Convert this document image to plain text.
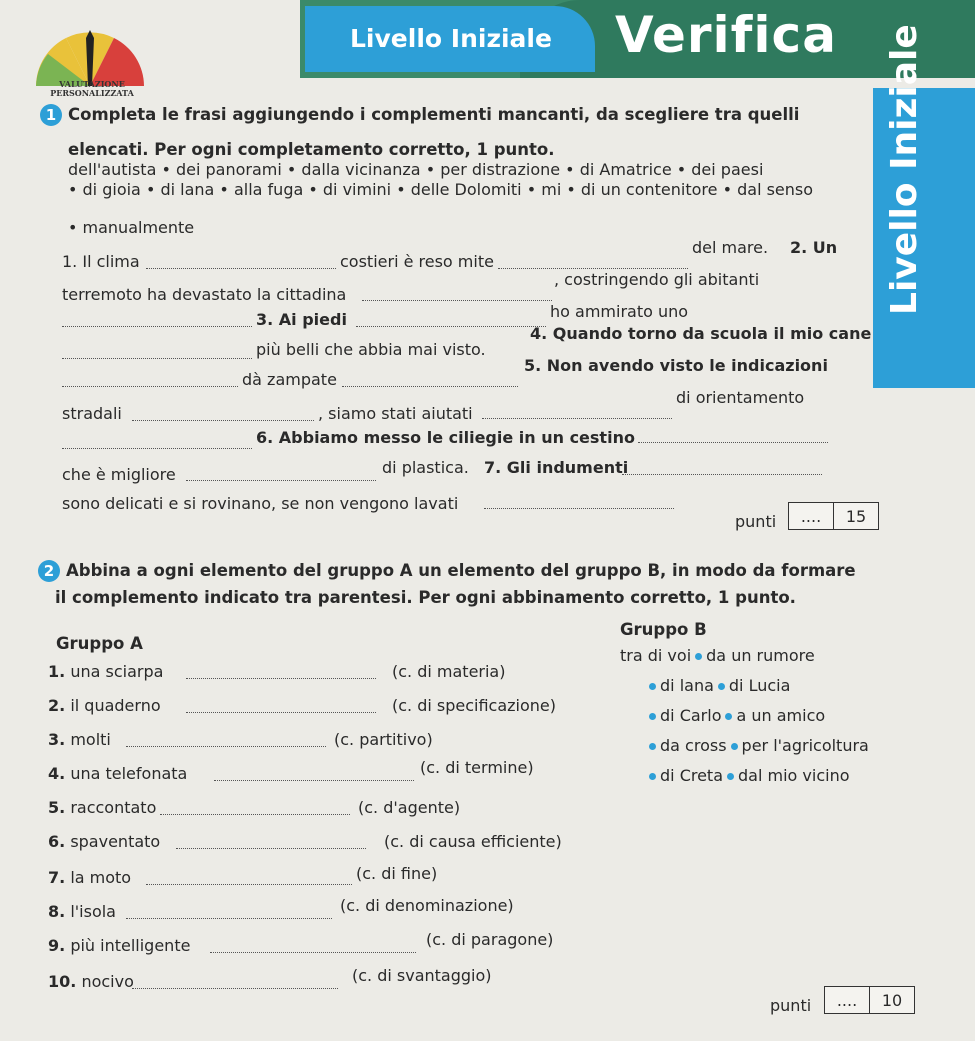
Livello Iniziale Verifica
VALUTAZIONE
PERSONALIZZATA	Livello Iniziale
1 Completa le frasi aggiungendo i complementi mancanti, da scegliere tra quelli
elencati. Per ogni completamento corretto, 1 punto.
dell'autista • dei panorami • dalla vicinanza • per distrazione • di Amatrice • dei paesi
• di gioia • di lana • alla fuga • di vimini • delle Dolomiti • mi • di un contenitore • dal senso
• manualmente
1. Il clima	costieri è reso mite
del mare. 2. Un
terremoto ha devastato la cittadina
, costringendo gli abitanti
3. Ai piedi	ho ammirato uno
più belli che abbia mai visto.
4. Quando torno da scuola il mio cane
dà zampate
5. Non avendo visto le indicazioni
stradali	, siamo stati aiutati
di orientamento
6. Abbiamo messo le ciliegie in un cestino
che è migliore	di plastica. 7. Gli indumenti
sono delicati e si rovinano, se non vengono lavati
punti	....	15
2 Abbina a ogni elemento del gruppo A un elemento del gruppo B, in modo da formare
il complemento indicato tra parentesi. Per ogni abbinamento corretto, 1 punto.
Gruppo A
Gruppo B
1. una sciarpa	(c. di materia)
2. il quaderno	(c. di specificazione)
3. molti	(c. partitivo)
4. una telefonata	(c. di termine)
5. raccontato	(c. d'agente)
6. spaventato	(c. di causa efficiente)
7. la moto	(c. di fine)
8. l'isola	(c. di denominazione)
9. più intelligente	(c. di paragone)
10. nocivo	(c. di svantaggio)
tra di voi da un rumore
di lana di Lucia
di Carlo a un amico
da cross per l'agricoltura
di Creta dal mio vicino
punti	....	10
